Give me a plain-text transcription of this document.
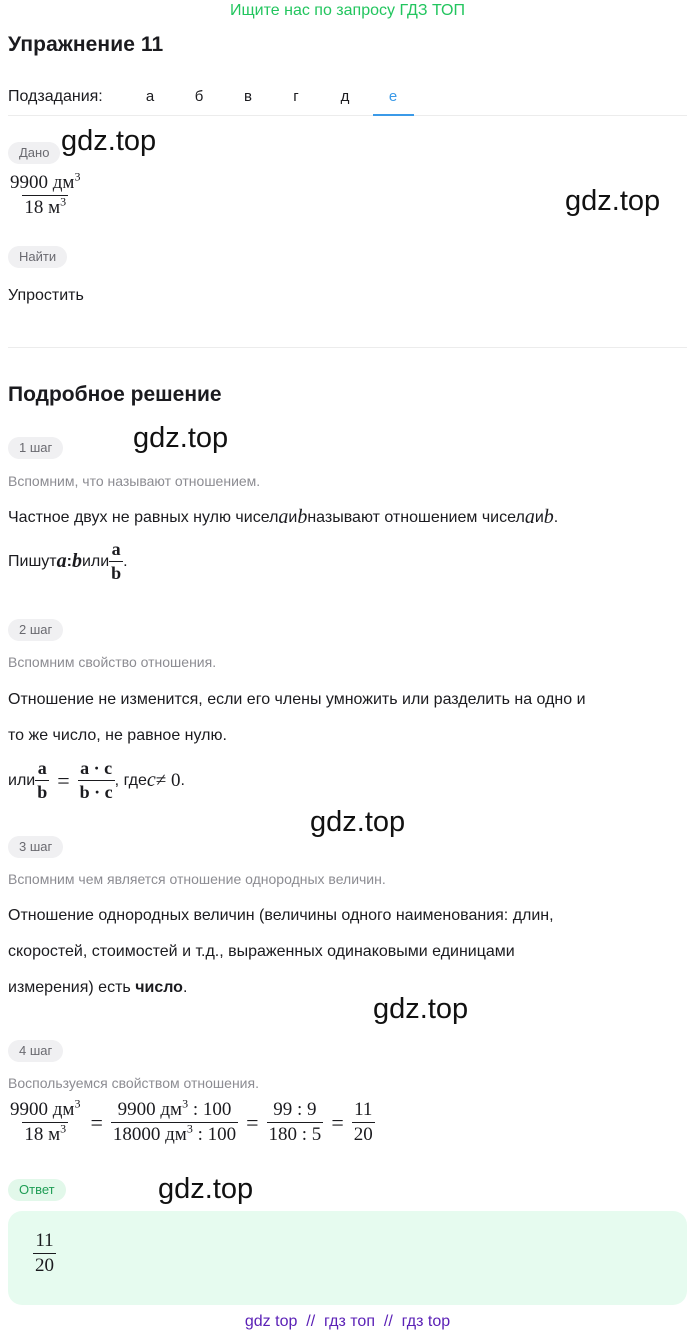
Ищите нас по запросу ГДЗ ТОП
Упражнение 11
Подзадания:	а	б	в	г	д	е
Дано
$\frac{9900 дм^3}{18 м^3}$
Найти
Упростить
Подробное решение
1 шаг
Вспомним, что называют отношением.
Частное двух не равных нулю чисел a и b называют отношением чисел a и b .
Пишут a : b или $\frac{a}{b}$ .
2 шаг
Вспомним свойство отношения.
Отношение не изменится, если его члены умножить или разделить на одно и
то же число, не равное нулю.
или $\frac{a}{b} = \frac{a \cdot c}{b \cdot c}$ , где c ≠ 0 .
3 шаг
Вспомним чем является отношение однородных величин.
Отношение однородных величин (величины одного наименования: длин,
скоростей, стоимостей и т.д., выраженных одинаковыми единицами
измерения) есть число.
4 шаг
Воспользуемся свойством отношения.
$\frac{9900 дм^3}{18 м^3} = \frac{9900 дм^3 : 100}{18000 дм^3 : 100} = \frac{99 : 9}{180 : 5} = \frac{11}{20}$
Ответ
$\frac{11}{20}$
gdz.top
gdz.top
gdz.top
gdz.top
gdz.top
gdz.top
gdz top  //  гдз топ  //  гдз top
